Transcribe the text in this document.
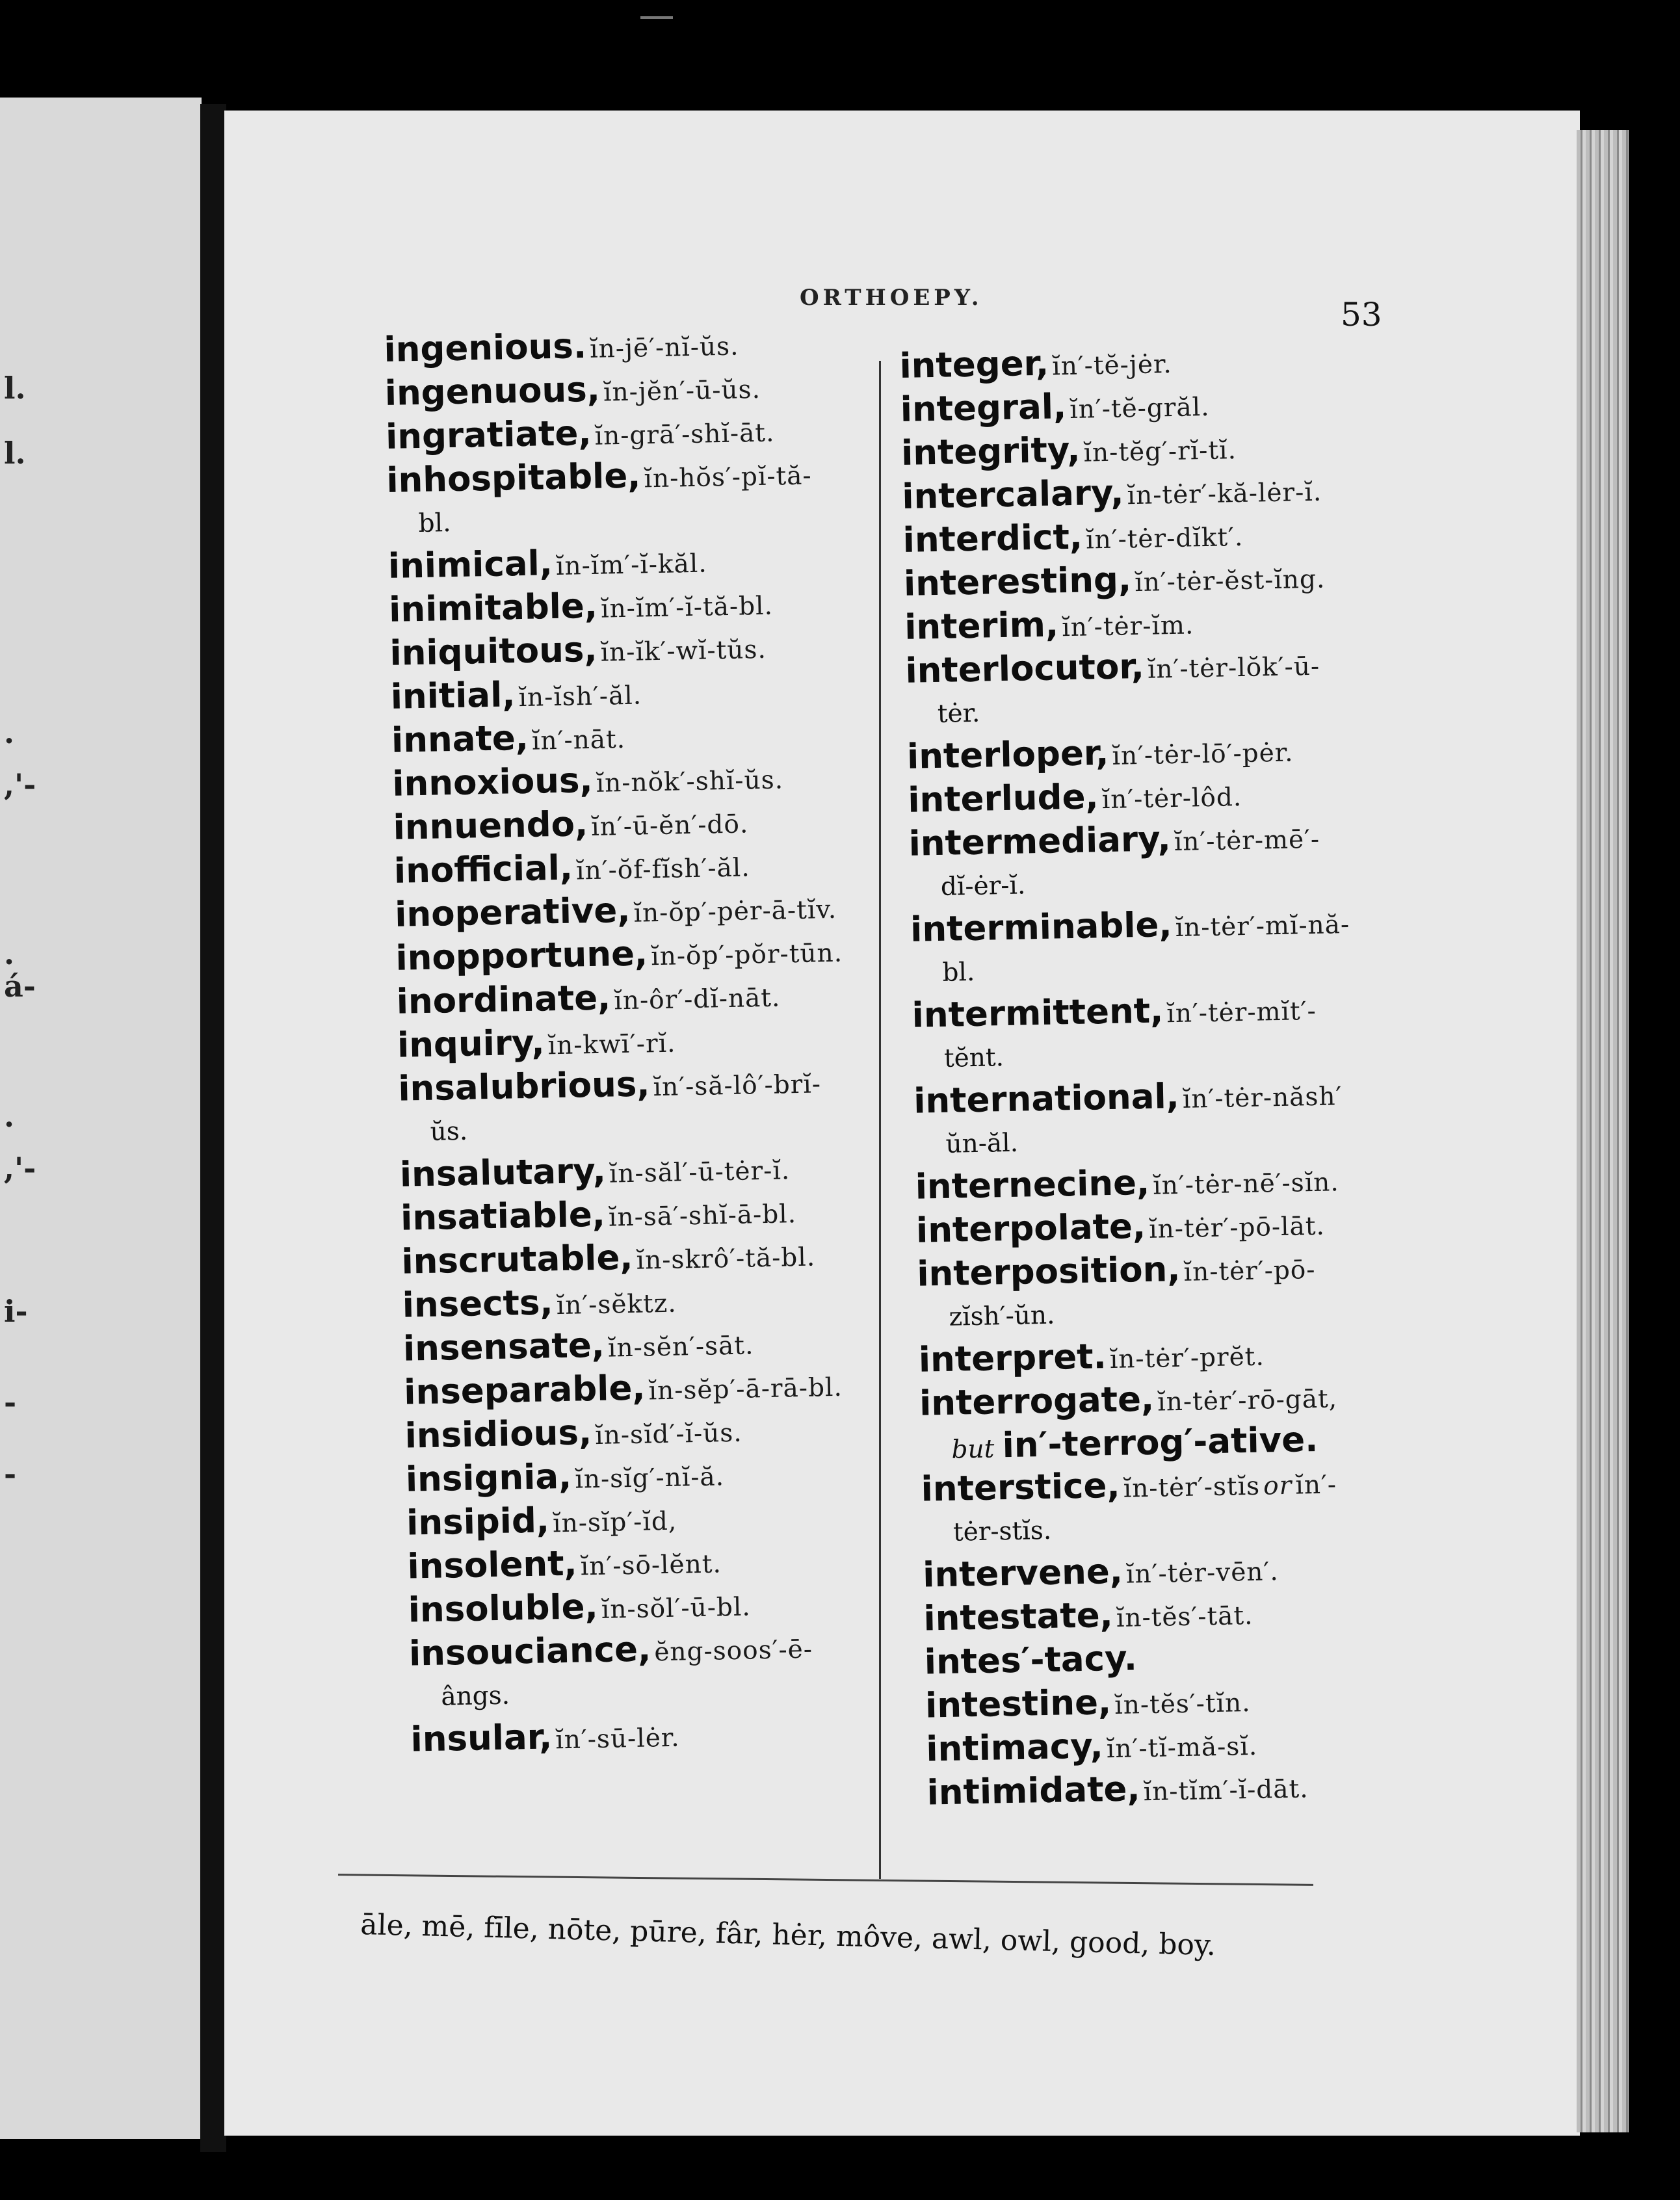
l.
l.
.
,'-
.
á-
.
,'-
i-
-
-
ORTHOEPY.	53
ingenious. ĭn-jē′-nĭ-ŭs.
ingenuous, ĭn-jĕn′-ū-ŭs.
ingratiate, ĭn-grā′-shĭ-āt.
inhospitable, ĭn-hŏs′-pĭ-tă-
bl.
inimical, ĭn-ĭm′-ĭ-kăl.
inimitable, ĭn-ĭm′-ĭ-tă-bl.
iniquitous, ĭn-ĭk′-wĭ-tŭs.
initial, ĭn-ĭsh′-ăl.
innate, ĭn′-nāt.
innoxious, ĭn-nŏk′-shĭ-ŭs.
innuendo, ĭn′-ū-ĕn′-dō.
inofficial, ĭn′-ŏf-fĭsh′-ăl.
inoperative, ĭn-ŏp′-pėr-ā-tĭv.
inopportune, ĭn-ŏp′-pŏr-tūn.
inordinate, ĭn-ôr′-dĭ-nāt.
inquiry, ĭn-kwī′-rĭ.
insalubrious, ĭn′-să-lô′-brĭ-
ŭs.
insalutary, ĭn-săl′-ū-tėr-ĭ.
insatiable, ĭn-sā′-shĭ-ā-bl.
inscrutable, ĭn-skrô′-tă-bl.
insects, ĭn′-sĕktz.
insensate, ĭn-sĕn′-sāt.
inseparable, ĭn-sĕp′-ā-rā-bl.
insidious, ĭn-sĭd′-ĭ-ŭs.
insignia, ĭn-sĭg′-nĭ-ă.
insipid, ĭn-sĭp′-ĭd,
insolent, ĭn′-sō-lĕnt.
insoluble, ĭn-sŏl′-ū-bl.
insouciance, ĕng-soos′-ē-
ângs.
insular, ĭn′-sū-lėr.
integer, ĭn′-tĕ-jėr.
integral, ĭn′-tĕ-grăl.
integrity, ĭn-tĕg′-rĭ-tĭ.
intercalary, ĭn-tėr′-kă-lėr-ĭ.
interdict, ĭn′-tėr-dĭkt′.
interesting, ĭn′-tėr-ĕst-ĭng.
interim, ĭn′-tėr-ĭm.
interlocutor, ĭn′-tėr-lŏk′-ū-
tėr.
interloper, ĭn′-tėr-lō′-pėr.
interlude, ĭn′-tėr-lôd.
intermediary, ĭn′-tėr-mē′-
dĭ-ėr-ĭ.
interminable, ĭn-tėr′-mĭ-nă-
bl.
intermittent, ĭn′-tėr-mĭt′-
tĕnt.
international, ĭn′-tėr-năsh′
ŭn-ăl.
internecine, ĭn′-tėr-nē′-sĭn.
interpolate, ĭn-tėr′-pō-lāt.
interposition, ĭn-tėr′-pō-
zĭsh′-ŭn.
interpret. ĭn-tėr′-prĕt.
interrogate, ĭn-tėr′-rō-gāt,
but in′-terrog′-ative.
interstice, ĭn-tėr′-stĭs or ĭn′-
tėr-stĭs.
intervene, ĭn′-tėr-vēn′.
intestate, ĭn-tĕs′-tāt.
intes′-tacy.
intestine, ĭn-tĕs′-tĭn.
intimacy, ĭn′-tĭ-mă-sĭ.
intimidate, ĭn-tĭm′-ĭ-dāt.
āle, mē, fīle, nōte, pūre, fâr, hėr, môve, awl, owl, good, boy.
